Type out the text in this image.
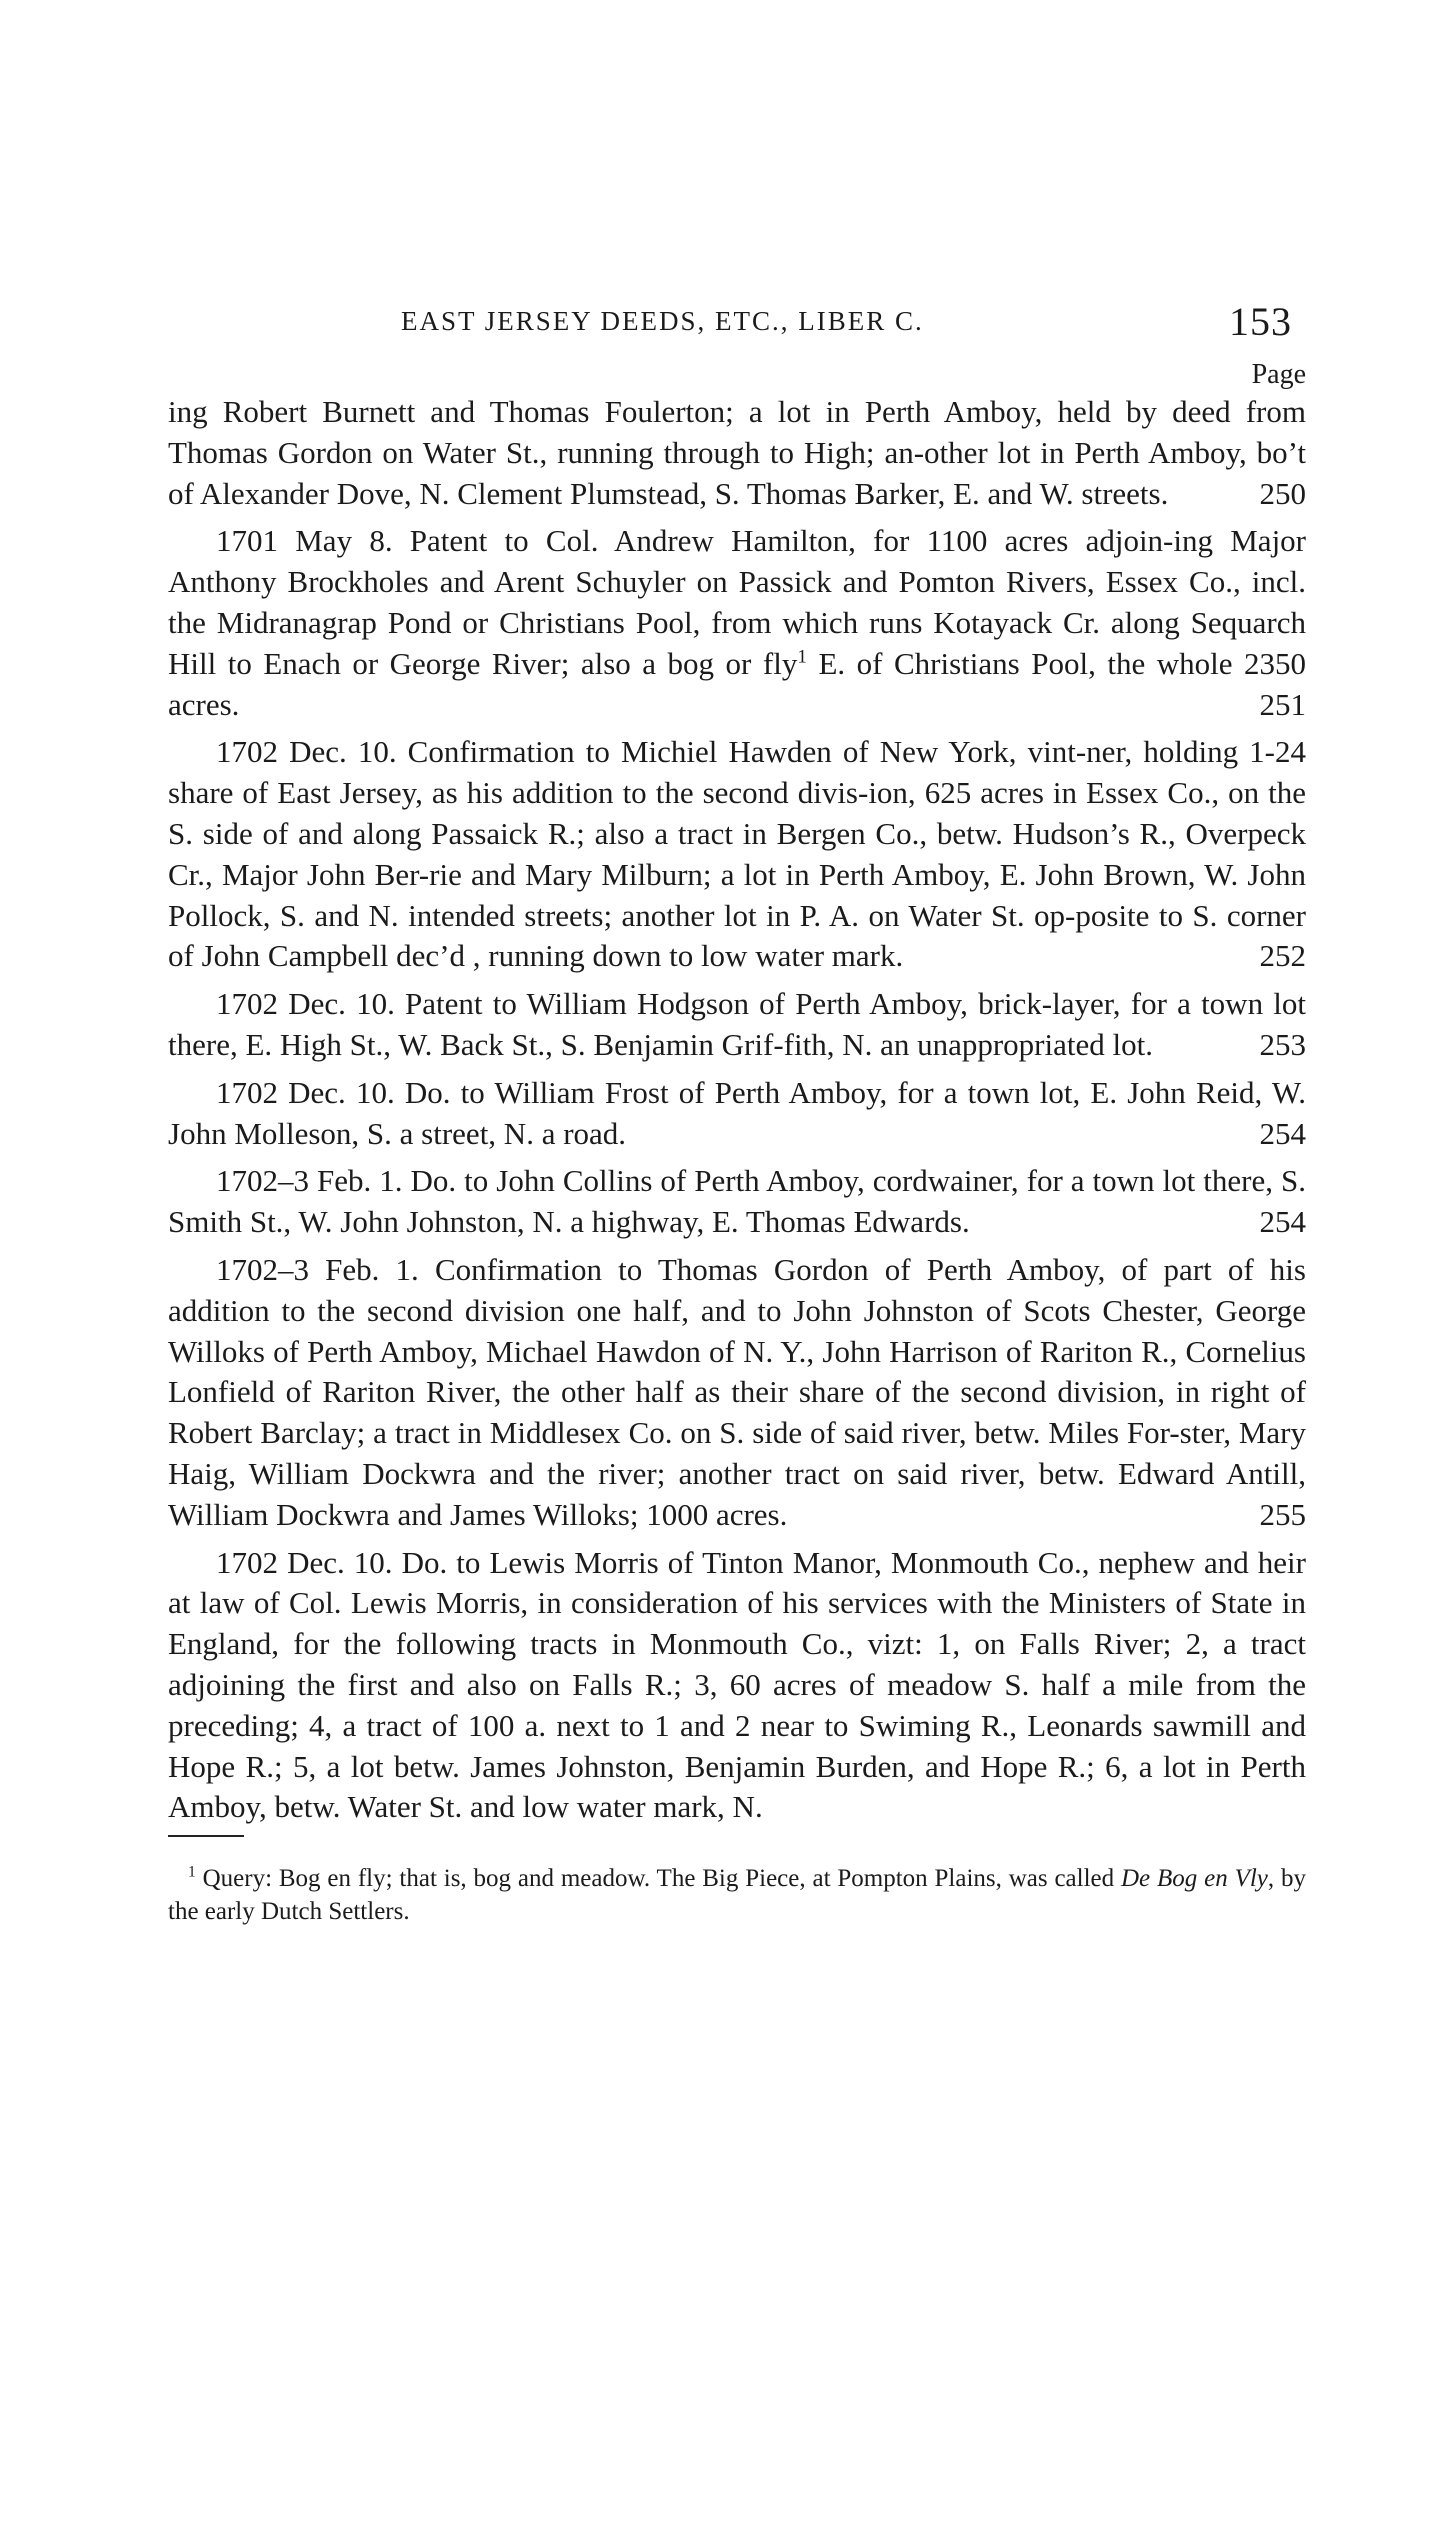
EAST JERSEY DEEDS, ETC., LIBER C.	153
Page

ing Robert Burnett and Thomas Foulerton; a lot in Perth Amboy, held by deed from Thomas Gordon on Water St., running through to High; an-other lot in Perth Amboy, bo’t of Alexander Dove, N. Clement Plumstead, S. Thomas Barker, E. and W. streets.	250

1701 May 8. Patent to Col. Andrew Hamilton, for 1100 acres adjoin-ing Major Anthony Brockholes and Arent Schuyler on Passick and Pomton Rivers, Essex Co., incl. the Midranagrap Pond or Christians Pool, from which runs Kotayack Cr. along Sequarch Hill to Enach or George River; also a bog or fly$^1$ E. of Christians Pool, the whole 2350 acres.	251

1702 Dec. 10. Confirmation to Michiel Hawden of New York, vint-ner, holding 1-24 share of East Jersey, as his addition to the second divis-ion, 625 acres in Essex Co., on the S. side of and along Passaick R.; also a tract in Bergen Co., betw. Hudson’s R., Overpeck Cr., Major John Ber-rie and Mary Milburn; a lot in Perth Amboy, E. John Brown, W. John Pollock, S. and N. intended streets; another lot in P. A. on Water St. op-posite to S. corner of John Campbell dec’d , running down to low water mark.	252

1702 Dec. 10. Patent to William Hodgson of Perth Amboy, brick-layer, for a town lot there, E. High St., W. Back St., S. Benjamin Grif-fith, N. an unappropriated lot.	253

1702 Dec. 10. Do. to William Frost of Perth Amboy, for a town lot, E. John Reid, W. John Molleson, S. a street, N. a road.	254

1702–3 Feb. 1. Do. to John Collins of Perth Amboy, cordwainer, for a town lot there, S. Smith St., W. John Johnston, N. a highway, E. Thomas Edwards.	254

1702–3 Feb. 1. Confirmation to Thomas Gordon of Perth Amboy, of part of his addition to the second division one half, and to John Johnston of Scots Chester, George Willoks of Perth Amboy, Michael Hawdon of N. Y., John Harrison of Rariton R., Cornelius Lonfield of Rariton River, the other half as their share of the second division, in right of Robert Barclay; a tract in Middlesex Co. on S. side of said river, betw. Miles For-ster, Mary Haig, William Dockwra and the river; another tract on said river, betw. Edward Antill, William Dockwra and James Willoks; 1000 acres.	255

1702 Dec. 10. Do. to Lewis Morris of Tinton Manor, Monmouth Co., nephew and heir at law of Col. Lewis Morris, in consideration of his services with the Ministers of State in England, for the following tracts in Monmouth Co., vizt: 1, on Falls River; 2, a tract adjoining the first and also on Falls R.; 3, 60 acres of meadow S. half a mile from the preceding; 4, a tract of 100 a. next to 1 and 2 near to Swiming R., Leonards sawmill and Hope R.; 5, a lot betw. James Johnston, Benjamin Burden, and Hope R.; 6, a lot in Perth Amboy, betw. Water St. and low water mark, N.

$^1$ Query: Bog en fly; that is, bog and meadow. The Big Piece, at Pompton Plains, was called De Bog en Vly, by the early Dutch Settlers.
